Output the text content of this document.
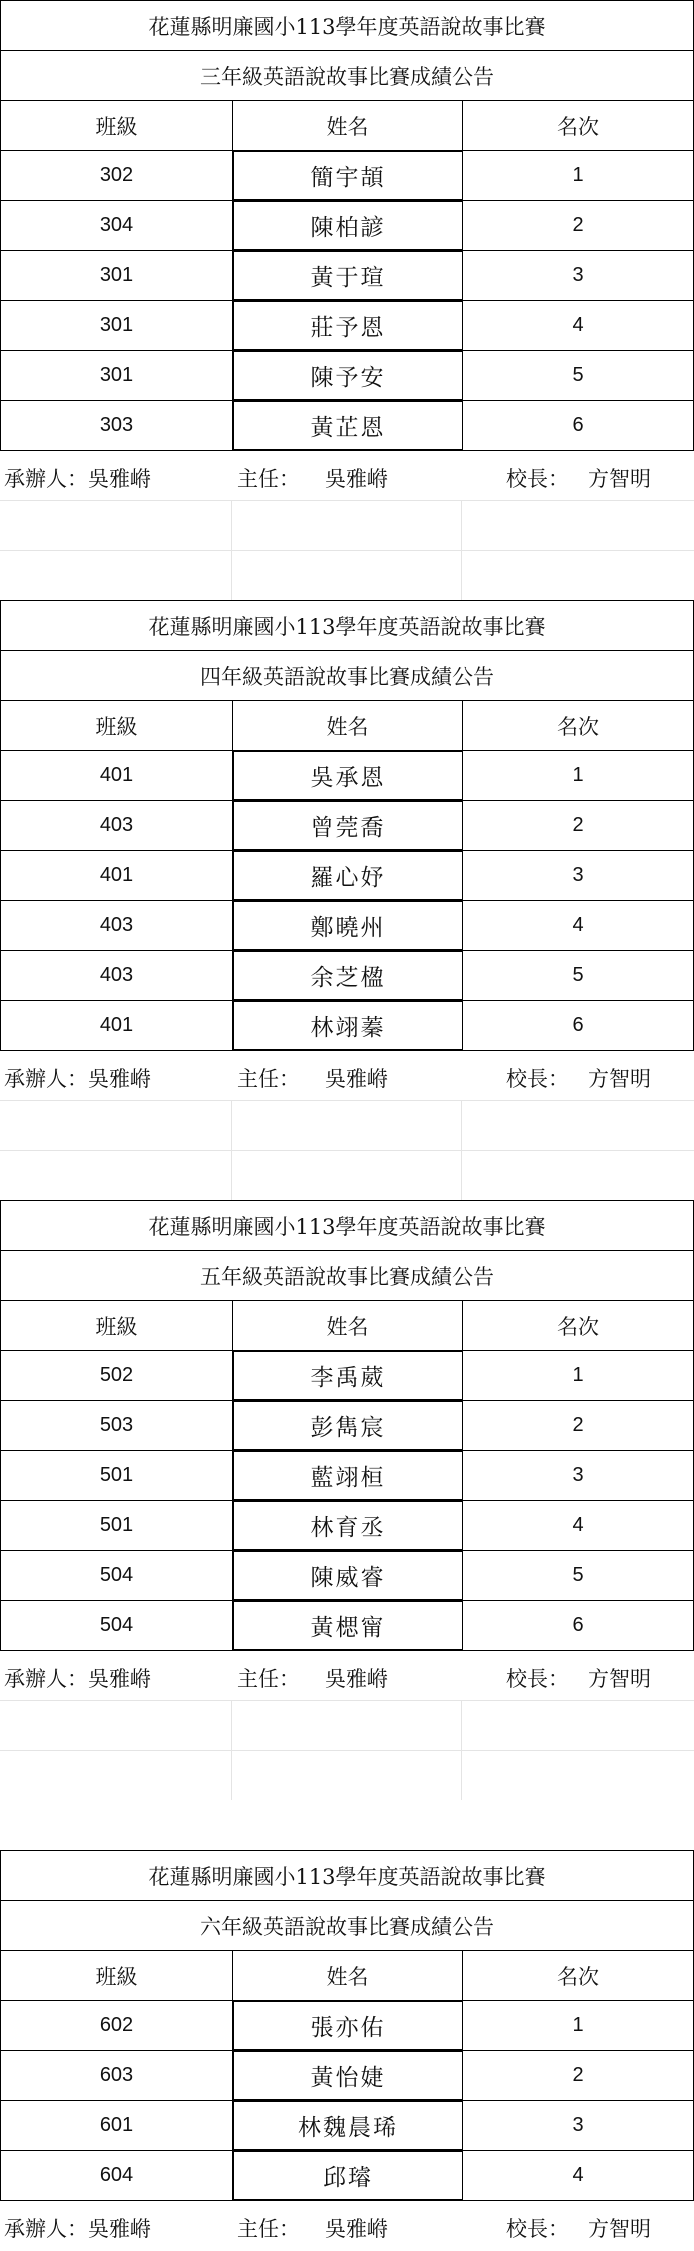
花蓮縣明廉國小113學年度英語說故事比賽
三年級英語說故事比賽成績公告
班級	姓名	名次
302	簡宇頡	1
304	陳柏諺	2
301	黃于瑄	3
301	莊予恩	4
301	陳予安	5
303	黃芷恩	6
承辦人：吳雅崻	主任： 吳雅崻	校長： 方智明
花蓮縣明廉國小113學年度英語說故事比賽
四年級英語說故事比賽成績公告
班級	姓名	名次
401	吳承恩	1
403	曾莞喬	2
401	羅心妤	3
403	鄭曉州	4
403	余芝楹	5
401	林翊蓁	6
承辦人：吳雅崻	主任： 吳雅崻	校長： 方智明
花蓮縣明廉國小113學年度英語說故事比賽
五年級英語說故事比賽成績公告
班級	姓名	名次
502	李禹葳	1
503	彭雋宸	2
501	藍翊桓	3
501	林育丞	4
504	陳威睿	5
504	黃楒甯	6
承辦人：吳雅崻	主任： 吳雅崻	校長： 方智明
花蓮縣明廉國小113學年度英語說故事比賽
六年級英語說故事比賽成績公告
班級	姓名	名次
602	張亦佑	1
603	黃怡婕	2
601	林魏晨琋	3
604	邱璿	4
承辦人：吳雅崻	主任： 吳雅崻	校長： 方智明
